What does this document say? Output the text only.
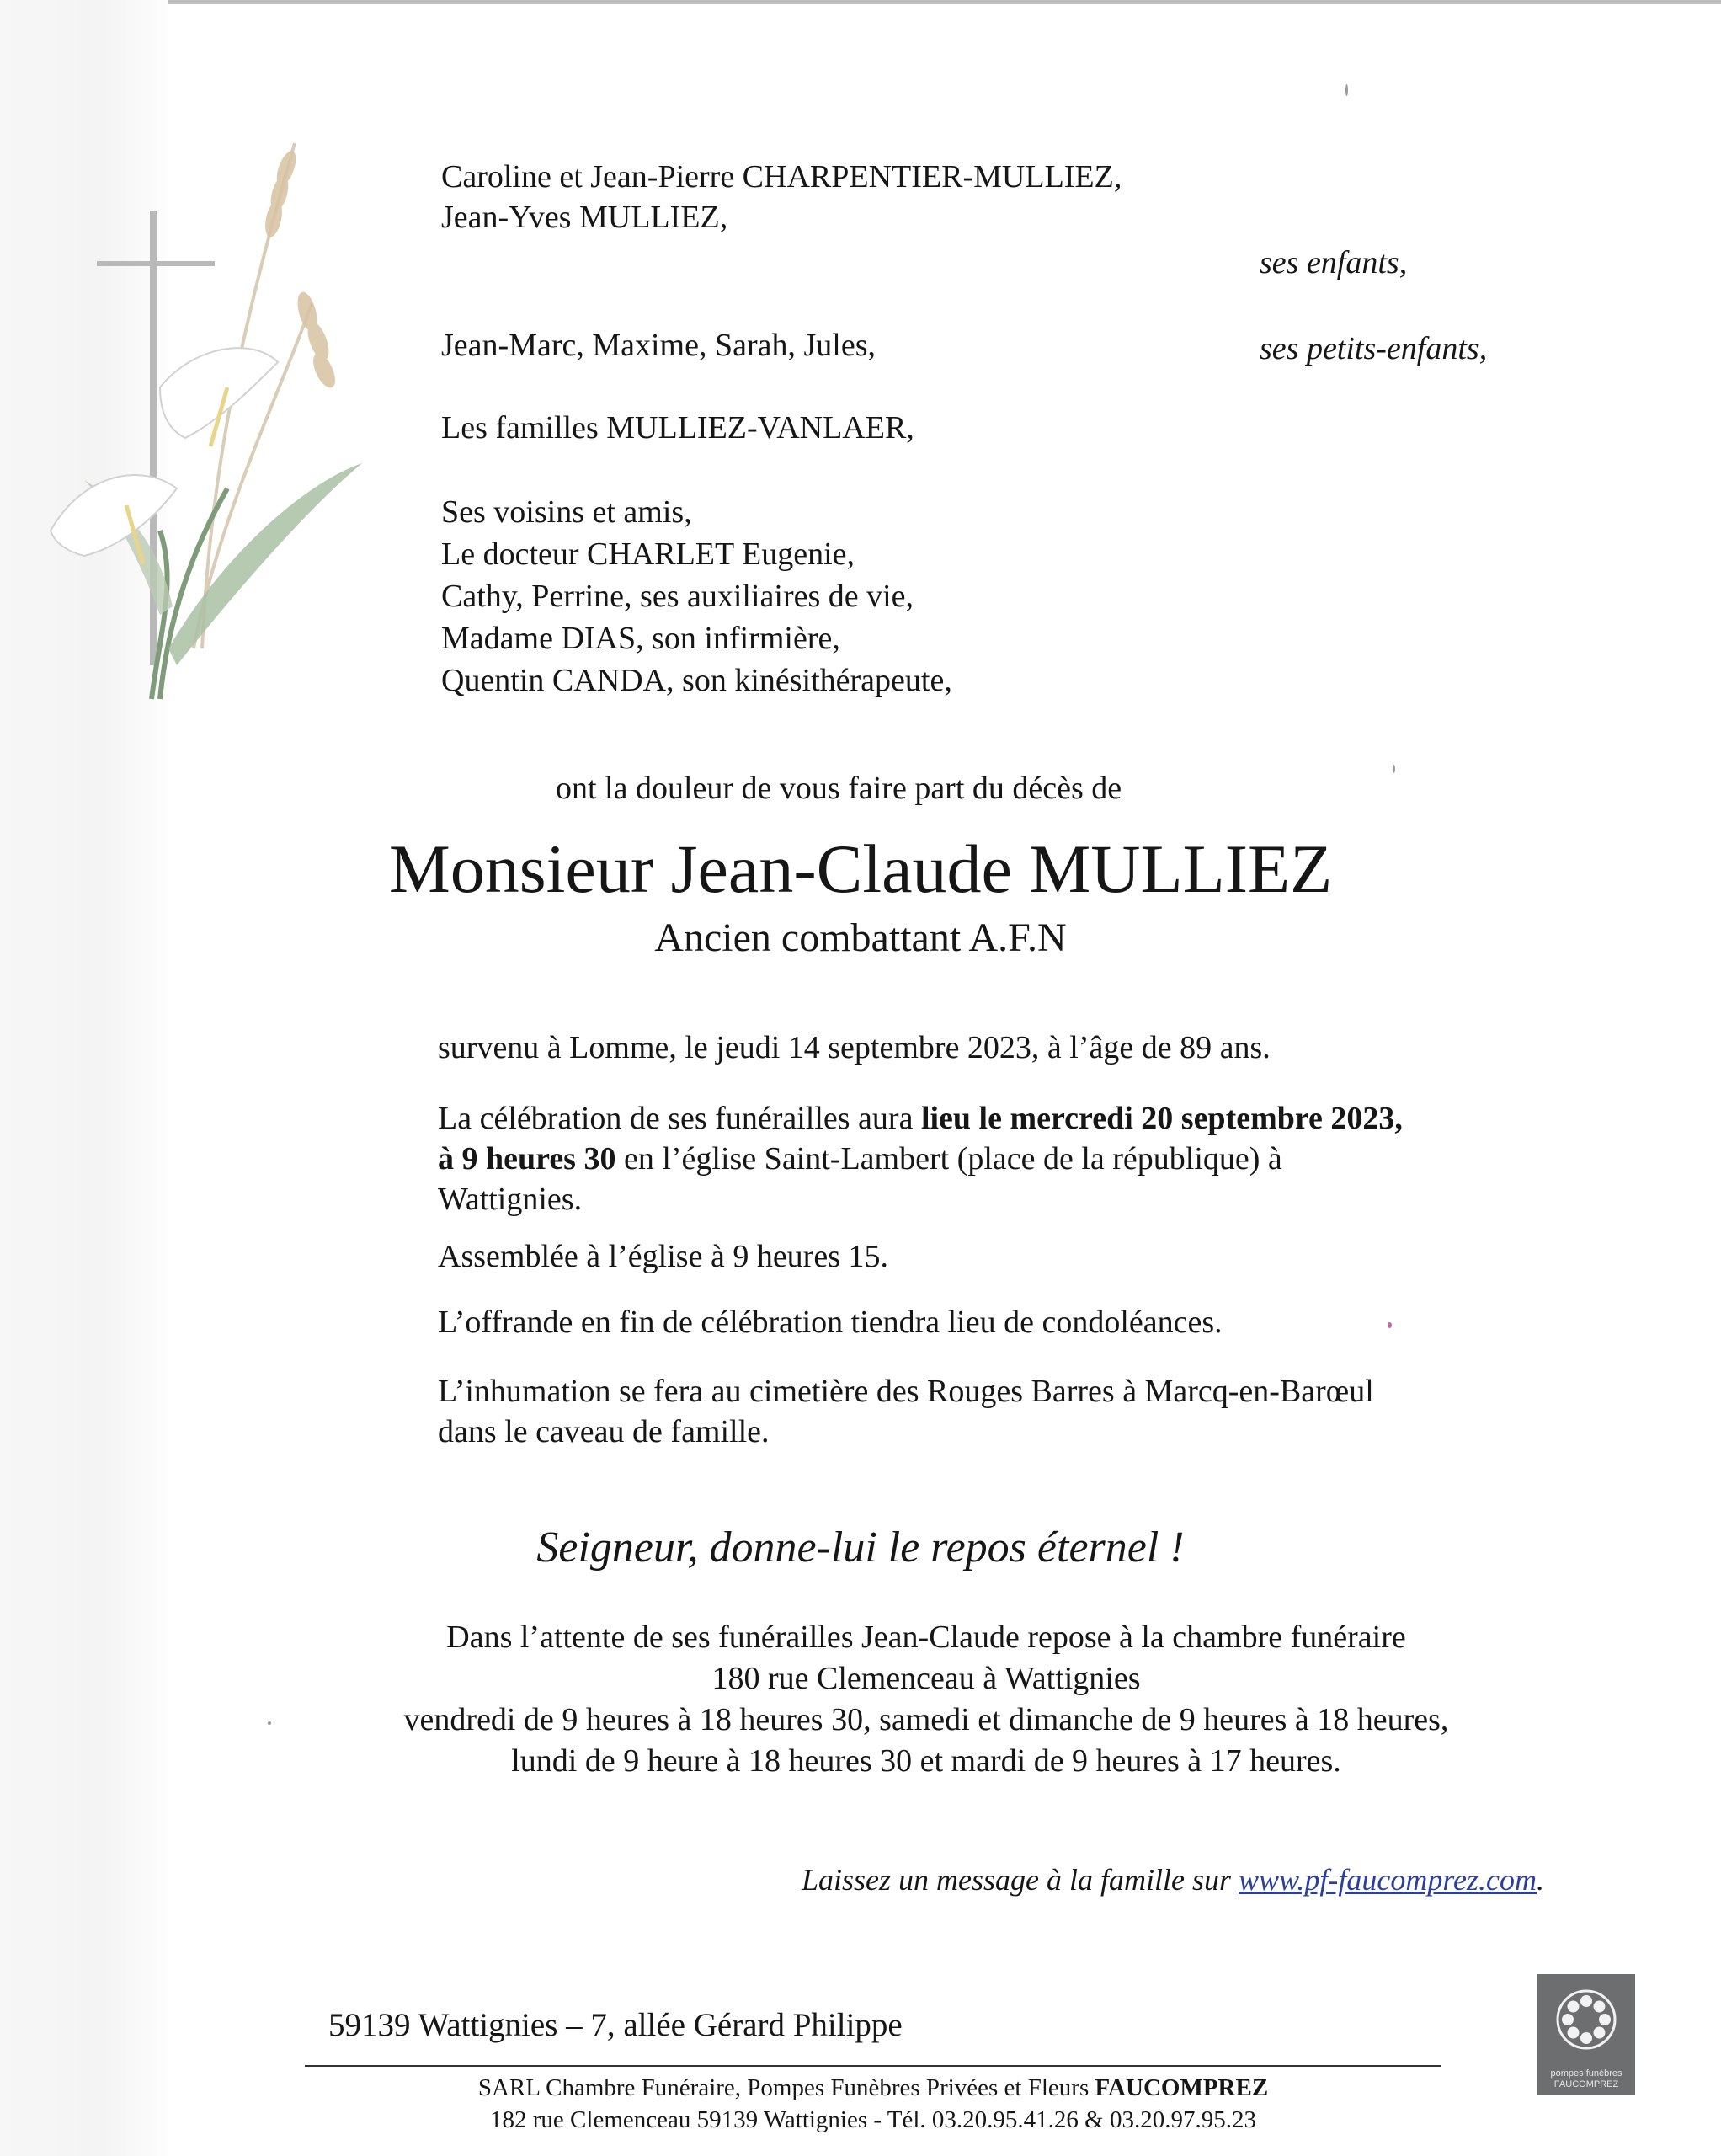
Caroline et Jean-Pierre CHARPENTIER-MULLIEZ,
Jean-Yves MULLIEZ,
ses enfants,
Jean-Marc, Maxime, Sarah, Jules,	ses petits-enfants,
Les familles MULLIEZ-VANLAER,
Ses voisins et amis,
Le docteur CHARLET Eugenie,
Cathy, Perrine, ses auxiliaires de vie,
Madame DIAS, son infirmière,
Quentin CANDA, son kinésithérapeute,
ont la douleur de vous faire part du décès de
Monsieur Jean-Claude MULLIEZ
Ancien combattant A.F.N
survenu à Lomme, le jeudi 14 septembre 2023, à l’âge de 89 ans.
La célébration de ses funérailles aura lieu le mercredi 20 septembre 2023,
à 9 heures 30 en l’église Saint-Lambert (place de la république) à
Wattignies.
Assemblée à l’église à 9 heures 15.
L’offrande en fin de célébration tiendra lieu de condoléances.
L’inhumation se fera au cimetière des Rouges Barres à Marcq-en-Barœul
dans le caveau de famille.
Seigneur, donne-lui le repos éternel !
Dans l’attente de ses funérailles Jean-Claude repose à la chambre funéraire
180 rue Clemenceau à Wattignies
vendredi de 9 heures à 18 heures 30, samedi et dimanche de 9 heures à 18 heures,
lundi de 9 heure à 18 heures 30 et mardi de 9 heures à 17 heures.
Laissez un message à la famille sur www.pf-faucomprez.com.
59139 Wattignies – 7, allée Gérard Philippe
SARL Chambre Funéraire, Pompes Funèbres Privées et Fleurs FAUCOMPREZ
182 rue Clemenceau 59139 Wattignies - Tél. 03.20.95.41.26 & 03.20.97.95.23
pompes funèbres
FAUCOMPREZ
